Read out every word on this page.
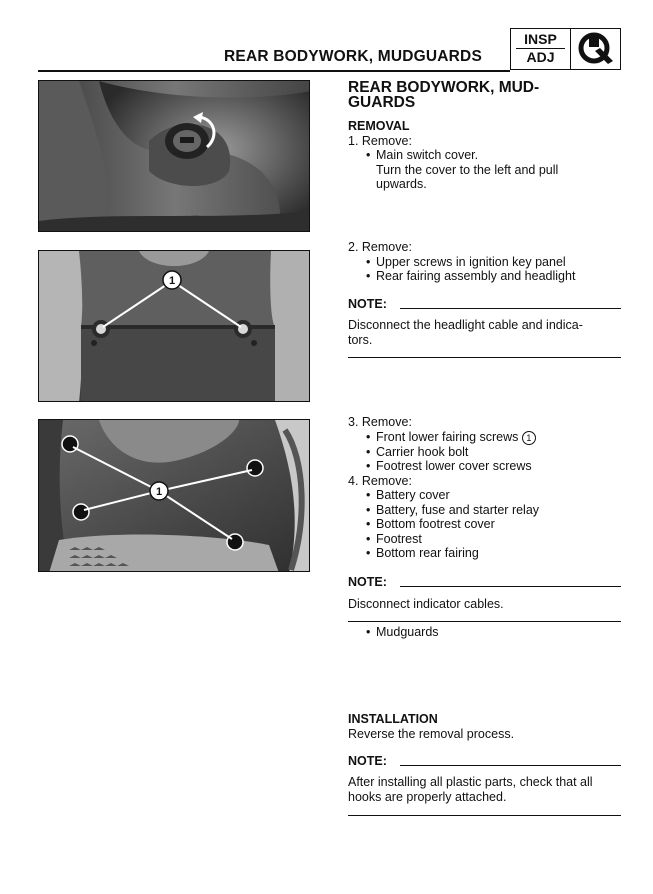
REAR BODYWORK, MUDGUARDS
INSP
ADJ
1
1
REAR BODYWORK, MUD-
GUARDS
REMOVAL

1. Remove:

• Main switch cover.
Turn the cover to the left and pull
upwards.

2. Remove:

• Upper screws in ignition key panel
• Rear fairing assembly and headlight
NOTE:
Disconnect the headlight cable and indica-
tors.

3. Remove:

• Front lower fairing screws 1
• Carrier hook bolt
• Footrest lower cover screws

4. Remove:

• Battery cover
• Battery, fuse and starter relay
• Bottom footrest cover
• Footrest
• Bottom rear fairing
NOTE:
Disconnect indicator cables.
• Mudguards
INSTALLATION
Reverse the removal process.
NOTE:
After installing all plastic parts, check that all
hooks are properly attached.
